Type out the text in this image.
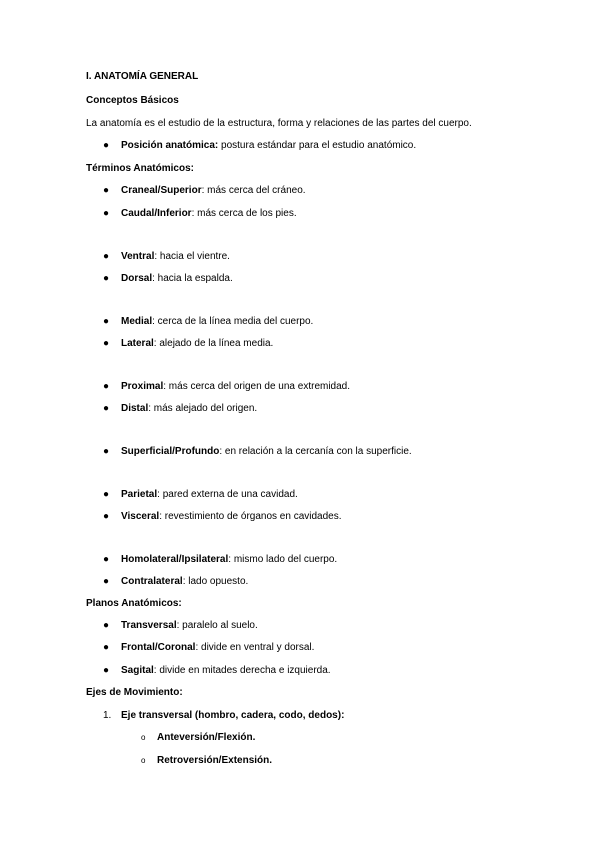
I. ANATOMÍA GENERAL
Conceptos Básicos
La anatomía es el estudio de la estructura, forma y relaciones de las partes del cuerpo.
● Posición anatómica: postura estándar para el estudio anatómico.
Términos Anatómicos:
● Craneal/Superior: más cerca del cráneo.
● Caudal/Inferior: más cerca de los pies.
● Ventral: hacia el vientre.
● Dorsal: hacia la espalda.
● Medial: cerca de la línea media del cuerpo.
● Lateral: alejado de la línea media.
● Proximal: más cerca del origen de una extremidad.
● Distal: más alejado del origen.
● Superficial/Profundo: en relación a la cercanía con la superficie.
● Parietal: pared externa de una cavidad.
● Visceral: revestimiento de órganos en cavidades.
● Homolateral/Ipsilateral: mismo lado del cuerpo.
● Contralateral: lado opuesto.
Planos Anatómicos:
● Transversal: paralelo al suelo.
● Frontal/Coronal: divide en ventral y dorsal.
● Sagital: divide en mitades derecha e izquierda.
Ejes de Movimiento:
1. Eje transversal (hombro, cadera, codo, dedos):
o Anteversión/Flexión.
o Retroversión/Extensión.
